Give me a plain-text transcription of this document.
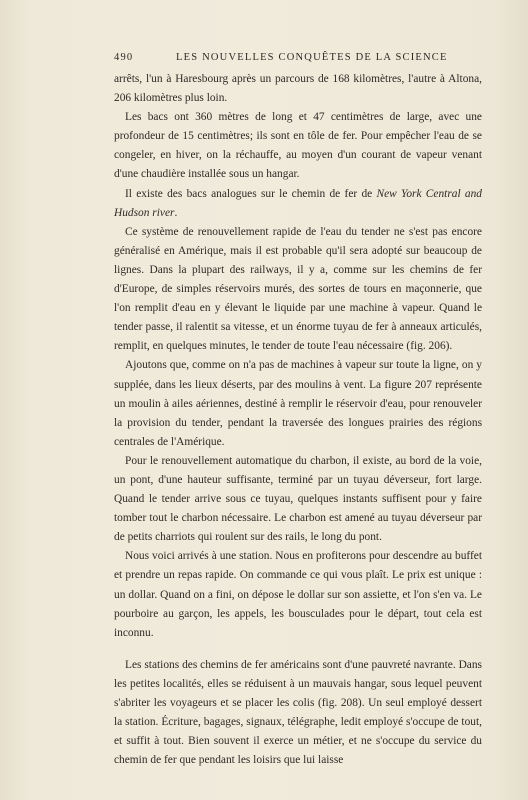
490	LES NOUVELLES CONQUÊTES DE LA SCIENCE

arrêts, l'un à Haresbourg après un parcours de 168 kilomètres, l'autre à Altona, 206 kilomètres plus loin.

Les bacs ont 360 mètres de long et 47 centimètres de large, avec une profondeur de 15 centimètres; ils sont en tôle de fer. Pour empêcher l'eau de se congeler, en hiver, on la réchauffe, au moyen d'un courant de vapeur venant d'une chaudière installée sous un hangar.

Il existe des bacs analogues sur le chemin de fer de New York Central and Hudson river.

Ce système de renouvellement rapide de l'eau du tender ne s'est pas encore généralisé en Amérique, mais il est probable qu'il sera adopté sur beaucoup de lignes. Dans la plupart des railways, il y a, comme sur les chemins de fer d'Europe, de simples réservoirs murés, des sortes de tours en maçonnerie, que l'on remplit d'eau en y élevant le liquide par une machine à vapeur. Quand le tender passe, il ralentit sa vitesse, et un énorme tuyau de fer à anneaux articulés, remplit, en quelques minutes, le tender de toute l'eau nécessaire (fig. 206).

Ajoutons que, comme on n'a pas de machines à vapeur sur toute la ligne, on y supplée, dans les lieux déserts, par des moulins à vent. La figure 207 représente un moulin à ailes aériennes, destiné à remplir le réservoir d'eau, pour renouveler la provision du tender, pendant la traversée des longues prairies des régions centrales de l'Amérique.

Pour le renouvellement automatique du charbon, il existe, au bord de la voie, un pont, d'une hauteur suffisante, terminé par un tuyau déverseur, fort large. Quand le tender arrive sous ce tuyau, quelques instants suffisent pour y faire tomber tout le charbon nécessaire. Le charbon est amené au tuyau déverseur par de petits charriots qui roulent sur des rails, le long du pont.

Nous voici arrivés à une station. Nous en profiterons pour descendre au buffet et prendre un repas rapide. On commande ce qui vous plaît. Le prix est unique : un dollar. Quand on a fini, on dépose le dollar sur son assiette, et l'on s'en va. Le pourboire au garçon, les appels, les bousculades pour le départ, tout cela est inconnu.

Les stations des chemins de fer américains sont d'une pauvreté navrante. Dans les petites localités, elles se réduisent à un mauvais hangar, sous lequel peuvent s'abriter les voyageurs et se placer les colis (fig. 208). Un seul employé dessert la station. Écriture, bagages, signaux, télégraphe, ledit employé s'occupe de tout, et suffit à tout. Bien souvent il exerce un métier, et ne s'occupe du service du chemin de fer que pendant les loisirs que lui laisse
